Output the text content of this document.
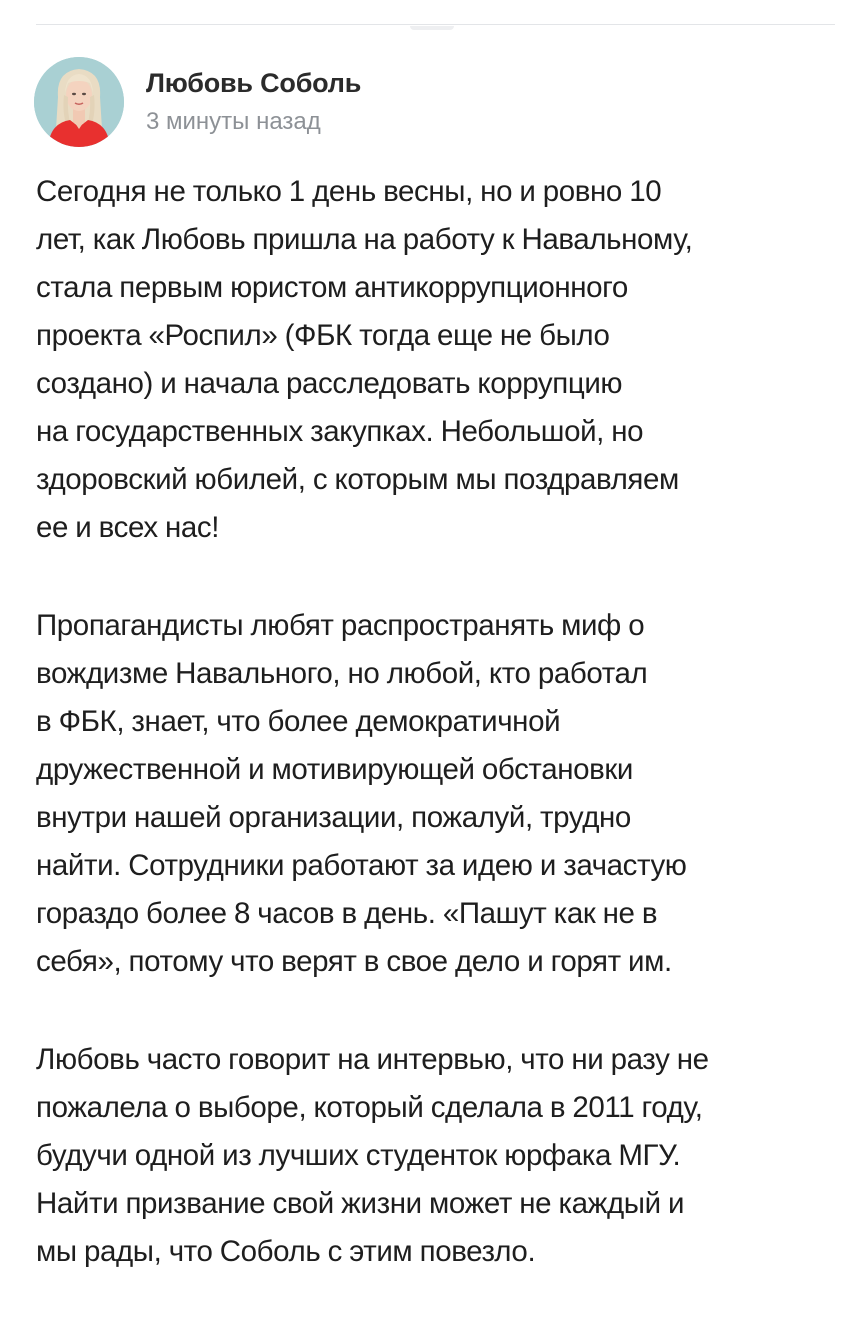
Любовь Соболь
3 минуты назад

Сегодня не только 1 день весны, но и ровно 10
лет, как Любовь пришла на работу к Навальному,
стала первым юристом антикоррупционного
проекта «Роспил» (ФБК тогда еще не было
создано) и начала расследовать коррупцию
на государственных закупках. Небольшой, но
здоровский юбилей, с которым мы поздравляем
ее и всех нас!

Пропагандисты любят распространять миф о
вождизме Навального, но любой, кто работал
в ФБК, знает, что более демократичной
дружественной и мотивирующей обстановки
внутри нашей организации, пожалуй, трудно
найти. Сотрудники работают за идею и зачастую
гораздо более 8 часов в день. «Пашут как не в
себя», потому что верят в свое дело и горят им.

Любовь часто говорит на интервью, что ни разу не
пожалела о выборе, который сделала в 2011 году,
будучи одной из лучших студенток юрфака МГУ.
Найти призвание свой жизни может не каждый и
мы рады, что Соболь с этим повезло.
